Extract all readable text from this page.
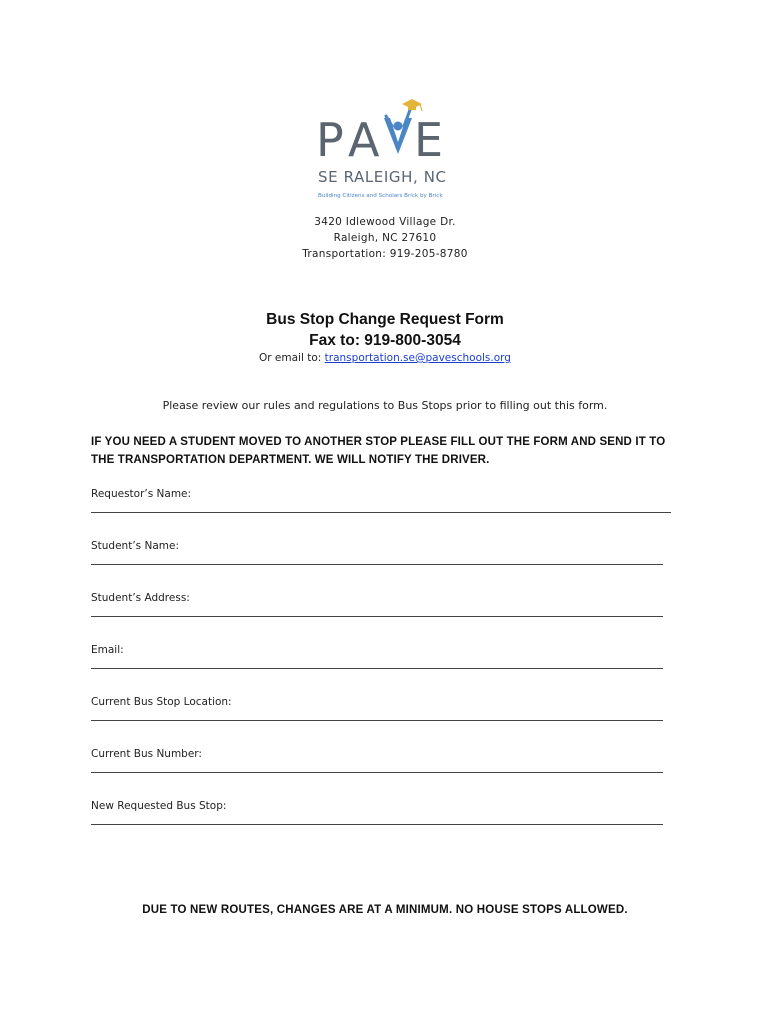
P A E
SE RALEIGH, NC
Building Citizens and Scholars Brick by Brick
3420 Idlewood Village Dr.
Raleigh, NC 27610
Transportation: 919-205-8780
Bus Stop Change Request Form
Fax to: 919-800-3054
Or email to: transportation.se@paveschools.org
Please review our rules and regulations to Bus Stops prior to filling out this form.
IF YOU NEED A STUDENT MOVED TO ANOTHER STOP PLEASE FILL OUT THE FORM AND SEND IT TO
THE TRANSPORTATION DEPARTMENT. WE WILL NOTIFY THE DRIVER.
Requestor’s Name:
Student’s Name:
Student’s Address:
Email:
Current Bus Stop Location:
Current Bus Number:
New Requested Bus Stop:
DUE TO NEW ROUTES, CHANGES ARE AT A MINIMUM. NO HOUSE STOPS ALLOWED.
